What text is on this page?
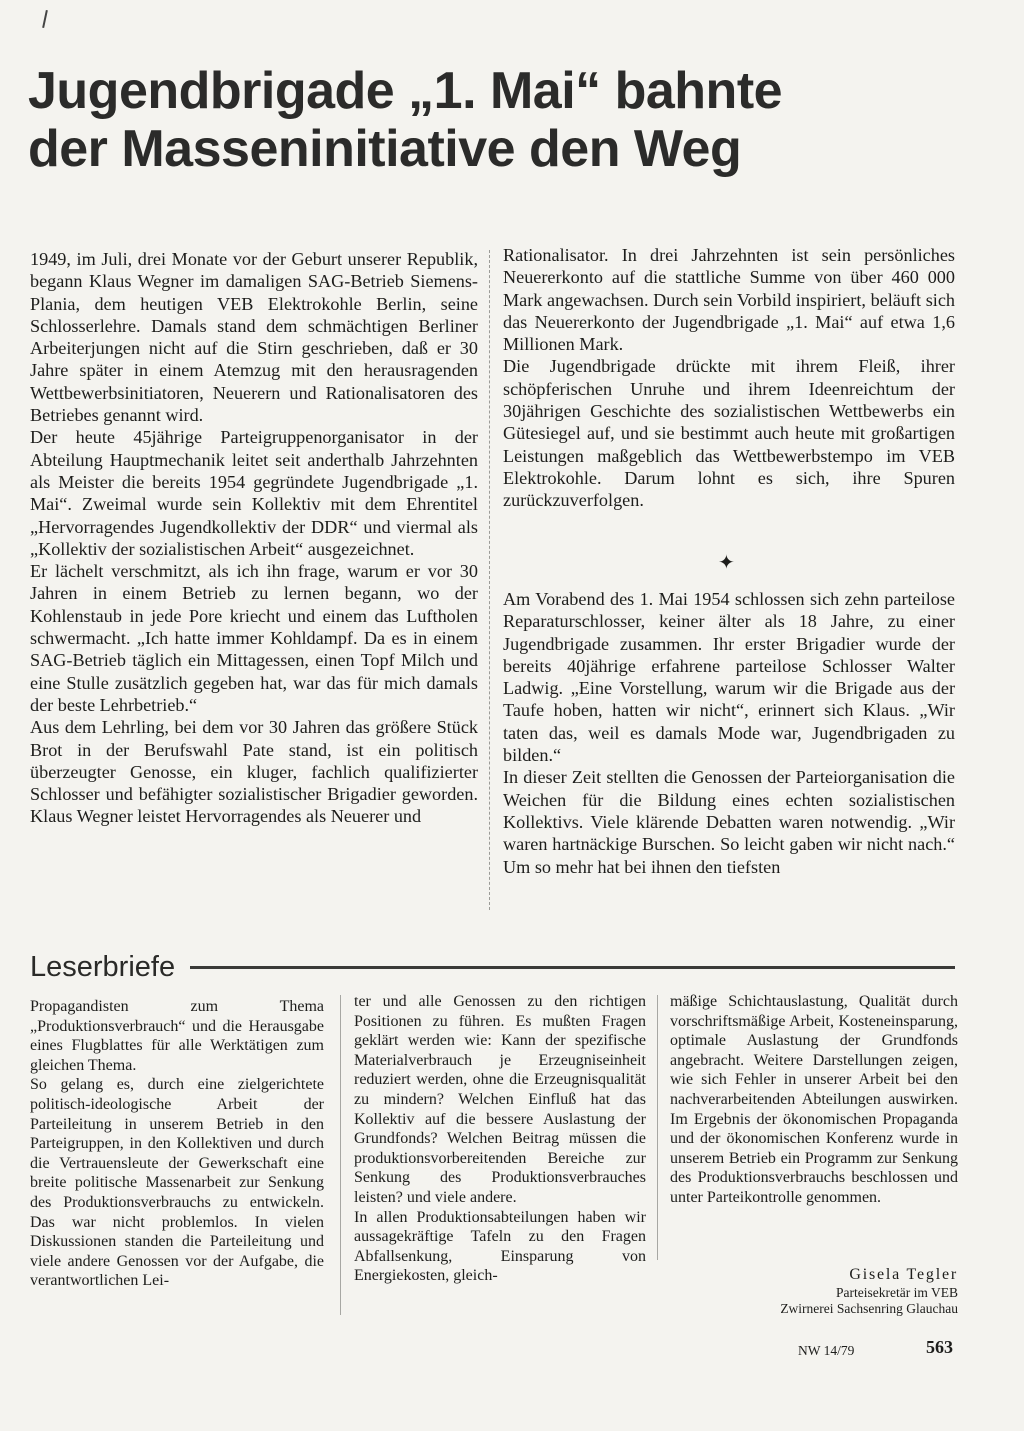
Jugendbrigade „1. Mai“ bahnte
der Masseninitiative den Weg

1949, im Juli, drei Monate vor der Geburt unserer Republik, begann Klaus Wegner im damaligen SAG-Betrieb Siemens-Plania, dem heutigen VEB Elektrokohle Berlin, seine Schlosserlehre. Damals stand dem schmächtigen Berliner Arbeiterjungen nicht auf die Stirn geschrieben, daß er 30 Jahre später in einem Atemzug mit den herausragenden Wettbewerbsinitiatoren, Neuerern und Rationalisatoren des Betriebes genannt wird.

Der heute 45jährige Parteigruppenorganisator in der Abteilung Hauptmechanik leitet seit anderthalb Jahrzehnten als Meister die bereits 1954 gegründete Jugendbrigade „1. Mai“. Zweimal wurde sein Kollektiv mit dem Ehrentitel „Hervorragendes Jugendkollektiv der DDR“ und viermal als „Kollektiv der sozialistischen Arbeit“ ausgezeichnet.

Er lächelt verschmitzt, als ich ihn frage, warum er vor 30 Jahren in einem Betrieb zu lernen begann, wo der Kohlenstaub in jede Pore kriecht und einem das Luftholen schwermacht. „Ich hatte immer Kohldampf. Da es in einem SAG-Betrieb täglich ein Mittagessen, einen Topf Milch und eine Stulle zusätzlich gegeben hat, war das für mich damals der beste Lehrbetrieb.“

Aus dem Lehrling, bei dem vor 30 Jahren das größere Stück Brot in der Berufswahl Pate stand, ist ein politisch überzeugter Genosse, ein kluger, fachlich qualifizierter Schlosser und befähigter sozialistischer Brigadier geworden. Klaus Wegner leistet Hervorragendes als Neuerer und

Rationalisator. In drei Jahrzehnten ist sein persönliches Neuererkonto auf die stattliche Summe von über 460 000 Mark angewachsen. Durch sein Vorbild inspiriert, beläuft sich das Neuererkonto der Jugendbrigade „1. Mai“ auf etwa 1,6 Millionen Mark.

Die Jugendbrigade drückte mit ihrem Fleiß, ihrer schöpferischen Unruhe und ihrem Ideenreichtum der 30jährigen Geschichte des sozialistischen Wettbewerbs ein Gütesiegel auf, und sie bestimmt auch heute mit großartigen Leistungen maßgeblich das Wettbewerbstempo im VEB Elektrokohle. Darum lohnt es sich, ihre Spuren zurückzuverfolgen.

✦

Am Vorabend des 1. Mai 1954 schlossen sich zehn parteilose Reparaturschlosser, keiner älter als 18 Jahre, zu einer Jugendbrigade zusammen. Ihr erster Brigadier wurde der bereits 40jährige erfahrene parteilose Schlosser Walter Ladwig. „Eine Vorstellung, warum wir die Brigade aus der Taufe hoben, hatten wir nicht“, erinnert sich Klaus. „Wir taten das, weil es damals Mode war, Jugendbrigaden zu bilden.“

In dieser Zeit stellten die Genossen der Parteiorganisation die Weichen für die Bildung eines echten sozialistischen Kollektivs. Viele klärende Debatten waren notwendig. „Wir waren hartnäckige Burschen. So leicht gaben wir nicht nach.“ Um so mehr hat bei ihnen den tiefsten

Leserbriefe

Propagandisten zum Thema „Produktionsverbrauch“ und die Herausgabe eines Flugblattes für alle Werktätigen zum gleichen Thema.

So gelang es, durch eine zielgerichtete politisch-ideologische Arbeit der Parteileitung in unserem Betrieb in den Parteigruppen, in den Kollektiven und durch die Vertrauensleute der Gewerkschaft eine breite politische Massenarbeit zur Senkung des Produktionsverbrauchs zu entwickeln. Das war nicht problemlos. In vielen Diskussionen standen die Parteileitung und viele andere Genossen vor der Aufgabe, die verantwortlichen Lei-

ter und alle Genossen zu den richtigen Positionen zu führen. Es mußten Fragen geklärt werden wie: Kann der spezifische Materialverbrauch je Erzeugniseinheit reduziert werden, ohne die Erzeugnisqualität zu mindern? Welchen Einfluß hat das Kollektiv auf die bessere Auslastung der Grundfonds? Welchen Beitrag müssen die produktionsvorbereitenden Bereiche zur Senkung des Produktionsverbrauches leisten? und viele andere.

In allen Produktionsabteilungen haben wir aussagekräftige Tafeln zu den Fragen Abfallsenkung, Einsparung von Energiekosten, gleich-

mäßige Schichtauslastung, Qualität durch vorschriftsmäßige Arbeit, Kosteneinsparung, optimale Auslastung der Grundfonds angebracht. Weitere Darstellungen zeigen, wie sich Fehler in unserer Arbeit bei den nachverarbeitenden Abteilungen auswirken. Im Ergebnis der ökonomischen Propaganda und der ökonomischen Konferenz wurde in unserem Betrieb ein Programm zur Senkung des Produktionsverbrauchs beschlossen und unter Parteikontrolle genommen.

Gisela Tegler
Parteisekretär im VEB
Zwirnerei Sachsenring Glauchau
NW 14/79	563
